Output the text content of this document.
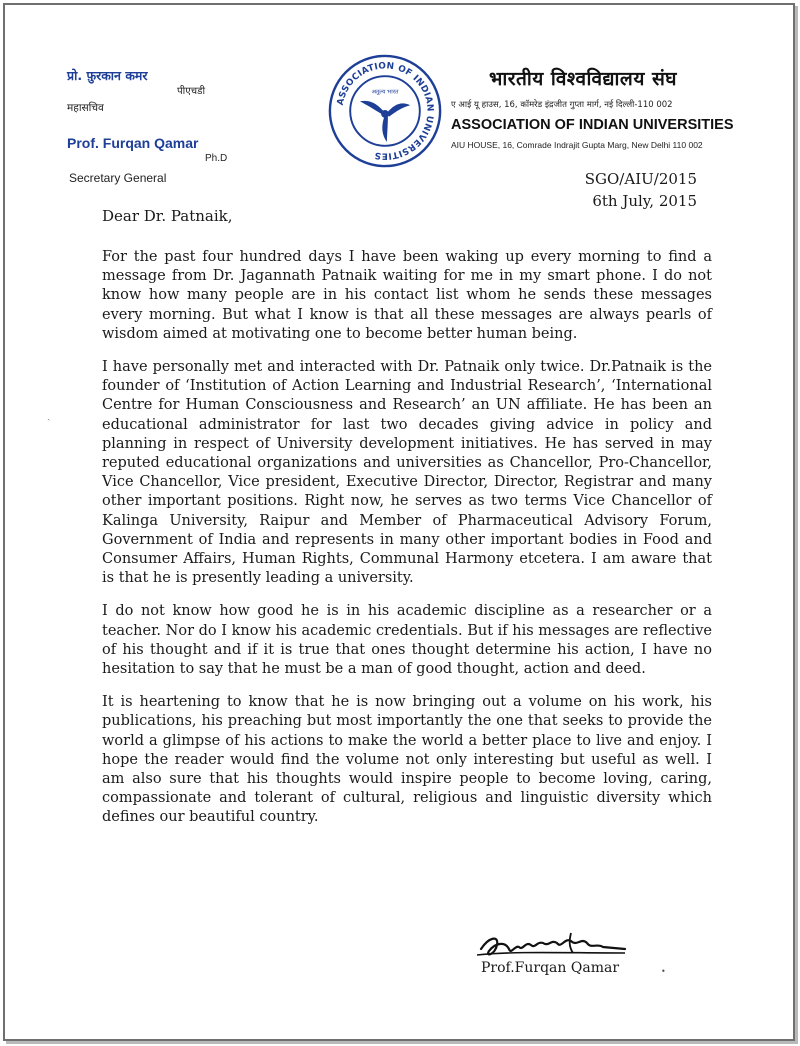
प्रो. फ़ुरकान कमर
पीएचडी
महासचिव
Prof. Furqan Qamar
Ph.D
Secretary General
ASSOCIATION OF INDIAN UNIVERSITIES
अतुल्य भारत
भारतीय विश्वविद्यालय संघ
ए आई यू हाउस, 16, कॉमरेड इंद्रजीत गुप्ता मार्ग, नई दिल्ली-110 002
ASSOCIATION OF INDIAN UNIVERSITIES
AIU HOUSE, 16, Comrade Indrajit Gupta Marg, New Delhi 110 002
SGO/AIU/2015
6th July, 2015
Dear Dr. Patnaik,

For the past four hundred days I have been waking up every morning to find a message from Dr. Jagannath Patnaik waiting for me in my smart phone. I do not know how many people are in his contact list whom he sends these messages every morning. But what I know is that all these messages are always pearls of wisdom aimed at motivating one to become better human being.

I have personally met and interacted with Dr. Patnaik only twice. Dr.Patnaik is the founder of ‘Institution of Action Learning and Industrial Research’, ‘International Centre for Human Consciousness and Research’ an UN affiliate. He has been an educational administrator for last two decades giving advice in policy and planning in respect of University development initiatives. He has served in may reputed educational organizations and universities as Chancellor, Pro-Chancellor, Vice Chancellor, Vice president, Executive Director, Director, Registrar and many other important positions. Right now, he serves as two terms Vice Chancellor of Kalinga University, Raipur and Member of Pharmaceutical Advisory Forum, Government of India and represents in many other important bodies in Food and Consumer Affairs, Human Rights, Communal Harmony etcetera. I am aware that is that he is presently leading a university.

I do not know how good he is in his academic discipline as a researcher or a teacher. Nor do I know his academic credentials. But if his messages are reflective of his thought and if it is true that ones thought determine his action, I have no hesitation to say that he must be a man of good thought, action and deed.

It is heartening to know that he is now bringing out a volume on his work, his publications, his preaching but most importantly the one that seeks to provide the world a glimpse of his actions to make the world a better place to live and enjoy. I hope the reader would find the volume not only interesting but useful as well. I am also sure that his thoughts would inspire people to become loving, caring, compassionate and tolerant of cultural, religious and linguistic diversity which defines our beautiful country.

Prof.Furqan Qamar	•
ˏ
